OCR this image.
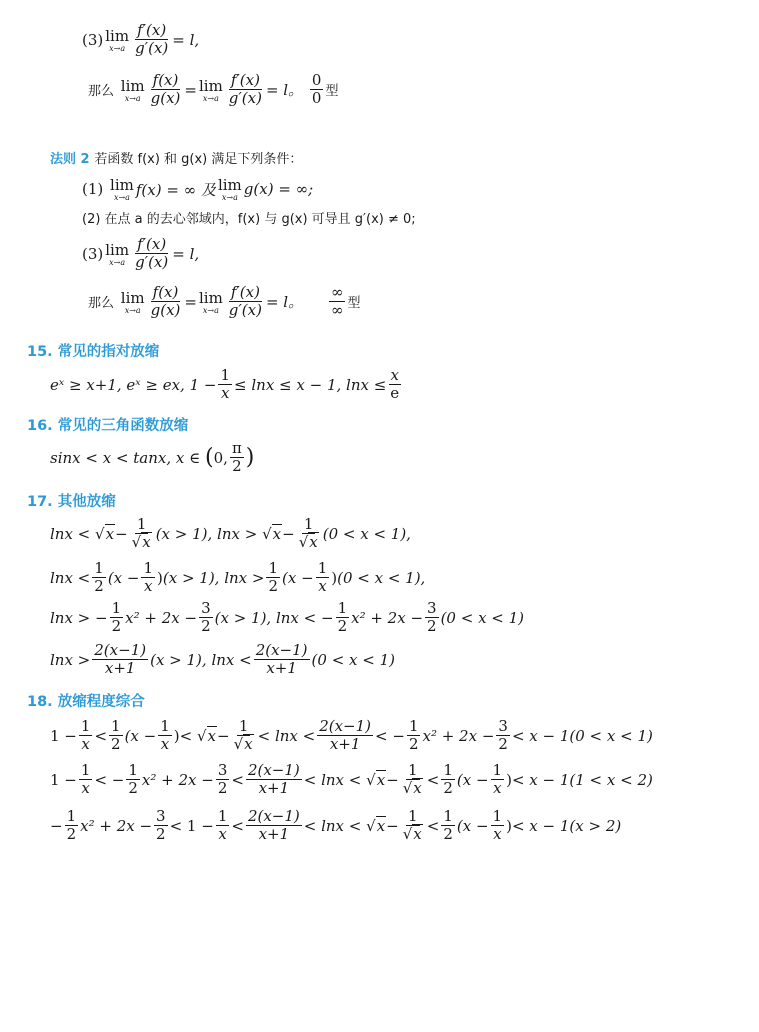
(3) lim
$x\to a \frac{f'(x)}{g'(x)} = l$,
那么
lim
$x\to a \frac{f(x)}{g(x)} = \lim$
$x\to a \frac{f'(x)}{g'(x)} = l$。

0
0 型
法则 2
若函数 f(x) 和 g(x) 满足下列条件：
(1)
lim
x→a f(x) = ∞ 及 lim
x→a g(x) = ∞;
(2) 在点 a 的去心邻域内，f(x) 与 g(x) 可导且 g′(x) ≠ 0;
(3) lim
$x\to a \frac{f'(x)}{g'(x)} = l$,
那么
lim
$x\to a \frac{f(x)}{g(x)} = \lim$
$x\to a \frac{f'(x)}{g'(x)} = l$。

∞
∞ 型
15. 常见的指对放缩
eˣ ≥ x+1, eˣ ≥ ex, $1 - \frac{1}{x} \le \ln x \le x - 1$, $\ln x \le \frac{x}{e}$
16. 常见的三角函数放缩
sinx < x < tanx, x ∈
( 0,
π
2 )
17. 其他放缩
lnx <
√ $x - \frac{1}{√x} (x > 1)$, lnx >
√ $x - \frac{1}{√x} (0 < x < 1)$,
lnx <
1
2 ($x - \frac{1}{x}$ ) (x > 1), lnx >
1
2 ($x - \frac{1}{x}$ ) (0 < x < 1),
lnx > − $\frac{1}{2} x^2 + 2x - \frac{3}{2} (x > 1)$, lnx < − $\frac{1}{2} x^2 + 2x - \frac{3}{2} (0 < x < 1)$
lnx >
2(x−1)
x+1 (x > 1), lnx <
2(x−1)
x+1 (0 < x < 1)
18. 放缩程度综合
$1 - \frac{1}{x}$ <
1
2 ($x - \frac{1}{x}$ ) < √ $x - \frac{1}{√x} < \ln x$ <
2(x−1)
x+1 < − $\frac{1}{2} x^2 + 2x - \frac{3}{2} < x - 1(0 < x < 1)$
$1 - \frac{1}{x}$ < − $\frac{1}{2} x^2 + 2x - \frac{3}{2}$ <
2(x−1)
x+1 < lnx < √ $x - \frac{1}{√x}$ <
1
2 ($x - \frac{1}{x}$ ) < x − 1(1 < x < 2)
− $\frac{1}{2} x^2 + 2x - \frac{3}{2} < 1 - \frac{1}{x}$ <
2(x−1)
x+1 < lnx < √ $x - \frac{1}{√x}$ <
1
2 ($x - \frac{1}{x}$ ) < x − 1(x > 2)
